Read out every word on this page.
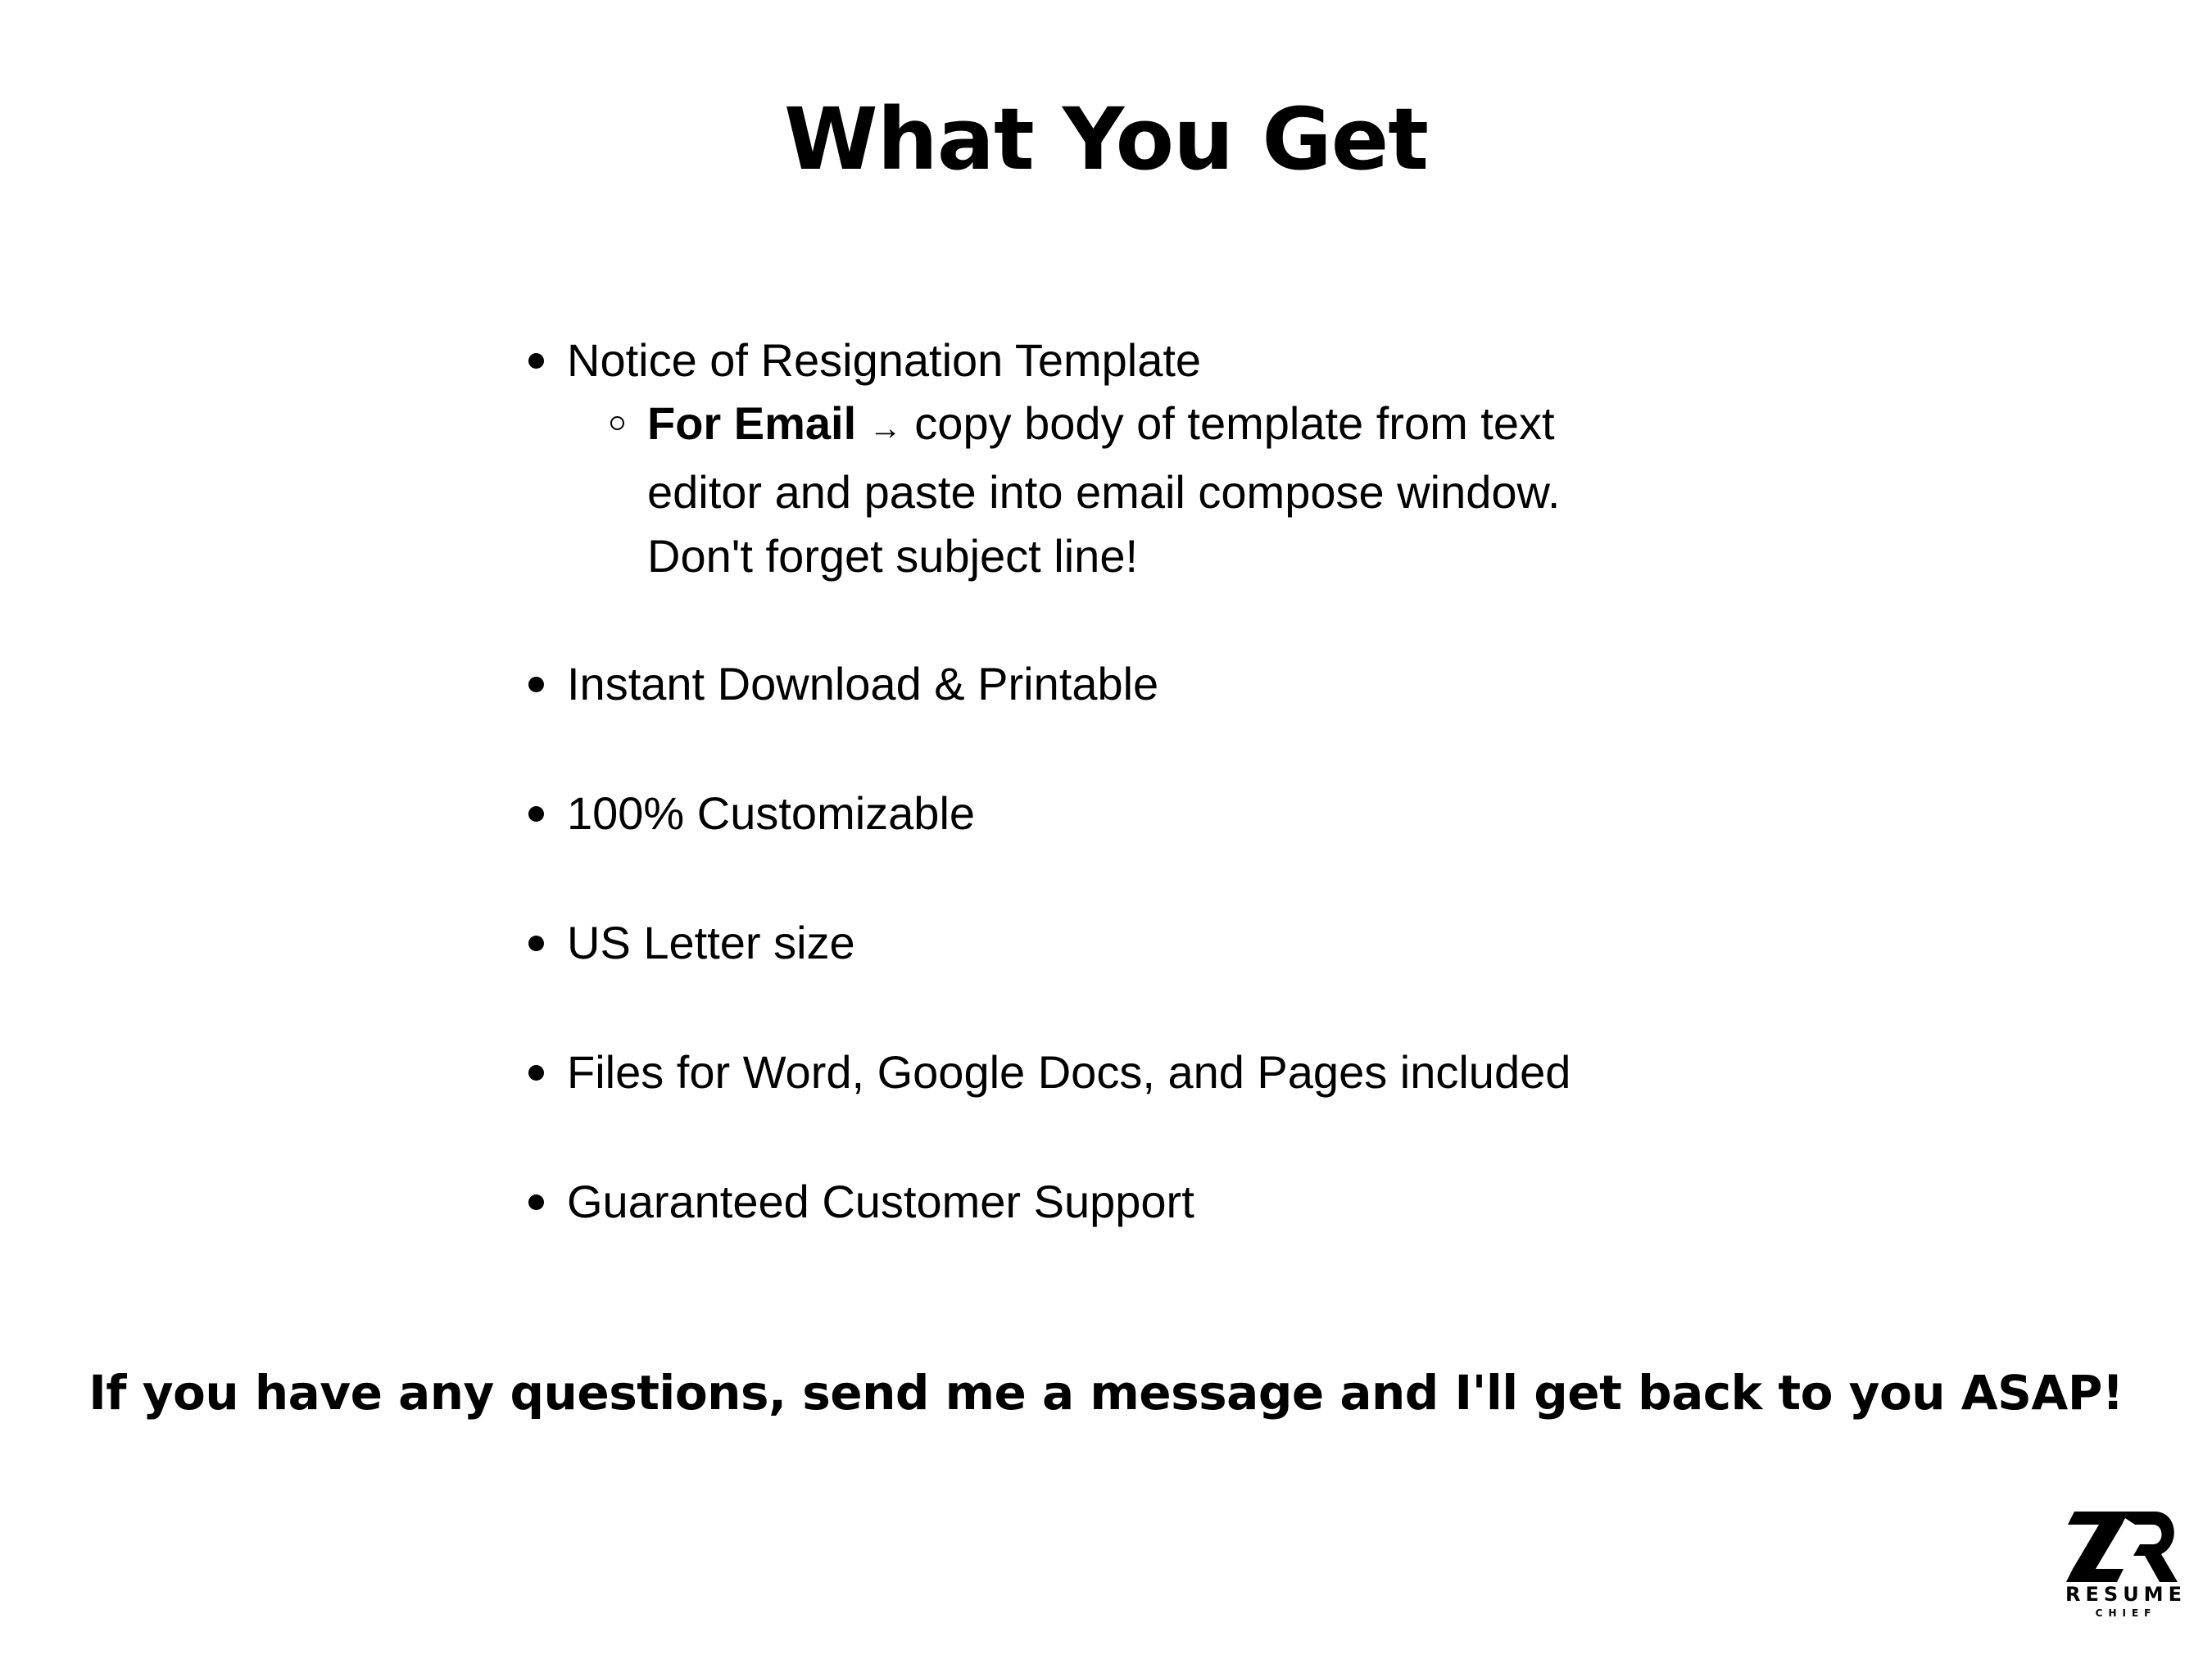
What You Get
Notice of Resignation Template
For Email → copy body of template from text
editor and paste into email compose window.
Don't forget subject line!
Instant Download & Printable
100% Customizable
US Letter size
Files for Word, Google Docs, and Pages included
Guaranteed Customer Support
If you have any questions, send me a message and I'll get back to you ASAP!
RESUME
CHIEF
